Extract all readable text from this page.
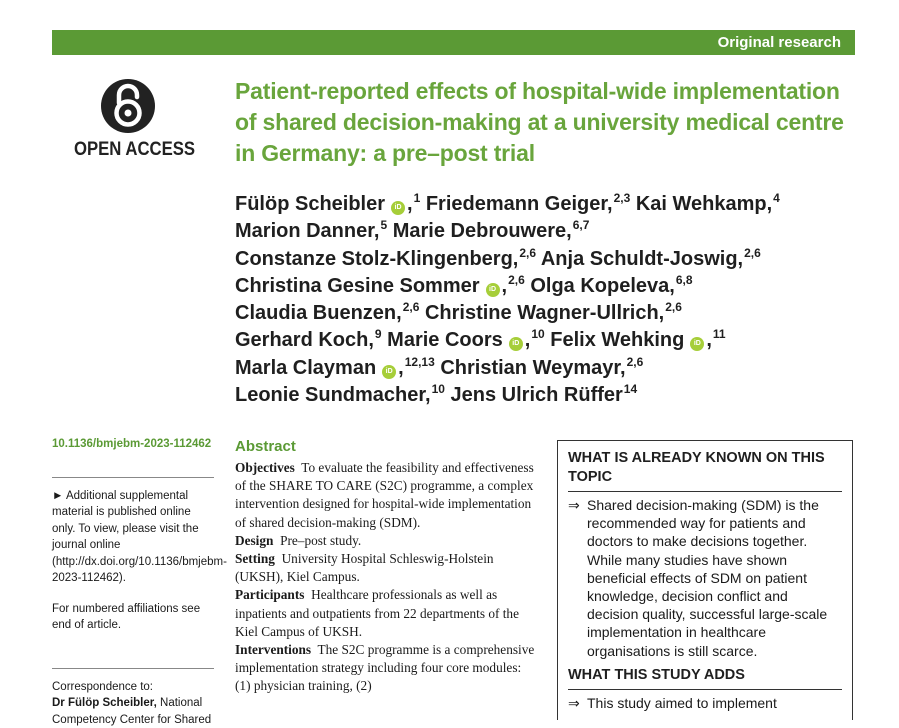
Original research
OPEN ACCESS
Patient-reported effects of hospital-wide implementation of shared decision-making at a university medical centre in Germany: a pre–post trial
Fülöp Scheibler iD ,$^1$ Friedemann Geiger,$^{2,3}$ Kai Wehkamp,$^4$
Marion Danner,$^5$ Marie Debrouwere,$^{6,7}$
Constanze Stolz-Klingenberg,$^{2,6}$ Anja Schuldt-Joswig,$^{2,6}$
Christina Gesine Sommer iD ,$^{2,6}$ Olga Kopeleva,$^{6,8}$
Claudia Buenzen,$^{2,6}$ Christine Wagner-Ullrich,$^{2,6}$
Gerhard Koch,$^9$ Marie Coors iD ,$^{10}$ Felix Wehking iD ,$^{11}$
Marla Clayman iD ,$^{12,13}$ Christian Weymayr,$^{2,6}$
Leonie Sundmacher,$^{10}$ Jens Ulrich Rüffer$^{14}$
10.1136/bmjebm-2023-112462
► Additional supplemental material is published online only. To view, please visit the journal online (http://dx.doi.org/10.1136/bmjebm-2023-112462).
For numbered affiliations see end of article.
Correspondence to:
Dr Fülöp Scheibler, National Competency Center for Shared
Abstract

Objectives To evaluate the feasibility and effectiveness of the SHARE TO CARE (S2C) programme, a complex intervention designed for hospital-wide implementation of shared decision-making (SDM).

Design Pre–post study.

Setting University Hospital Schleswig-Holstein (UKSH), Kiel Campus.

Participants Healthcare professionals as well as inpatients and outpatients from 22 departments of the Kiel Campus of UKSH.

Interventions The S2C programme is a comprehensive implementation strategy including four core modules: (1) physician training, (2)

WHAT IS ALREADY KNOWN ON THIS TOPIC
⇒ Shared decision-making (SDM) is the recommended way for patients and doctors to make decisions together. While many studies have shown beneficial effects of SDM on patient knowledge, decision conflict and decision quality, successful large-scale implementation in healthcare organisations is still scarce.
WHAT THIS STUDY ADDS
⇒ This study aimed to implement
